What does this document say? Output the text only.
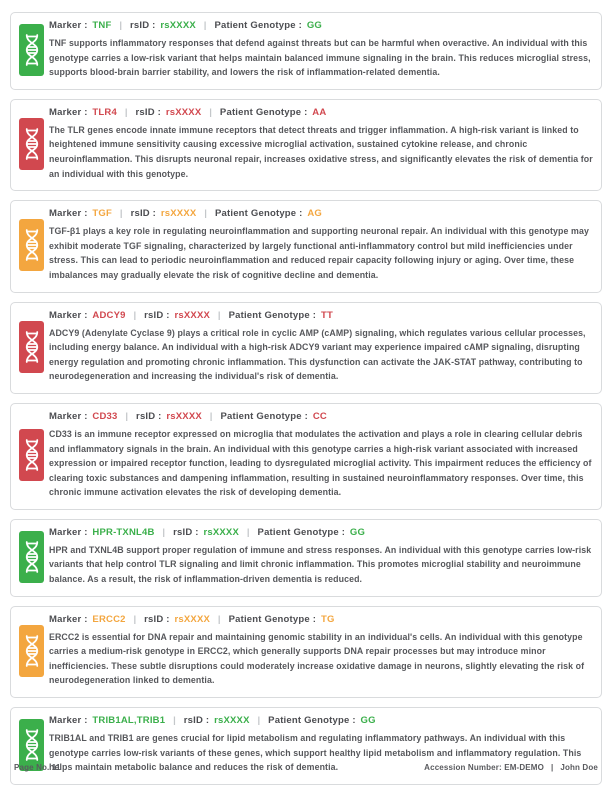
Marker : TNF | rsID : rsXXXX | Patient Genotype : GG

TNF supports inflammatory responses that defend against threats but can be harmful when overactive. An individual with this genotype carries a low-risk variant that helps maintain balanced immune signaling in the brain. This reduces microglial stress, supports blood-brain barrier stability, and lowers the risk of inflammation-related dementia.

Marker : TLR4 | rsID : rsXXXX | Patient Genotype : AA

The TLR genes encode innate immune receptors that detect threats and trigger inflammation. A high-risk variant is linked to heightened immune sensitivity causing excessive microglial activation, sustained cytokine release, and chronic neuroinflammation. This disrupts neuronal repair, increases oxidative stress, and significantly elevates the risk of dementia for an individual with this genotype.

Marker : TGF | rsID : rsXXXX | Patient Genotype : AG

TGF-β1 plays a key role in regulating neuroinflammation and supporting neuronal repair. An individual with this genotype may exhibit moderate TGF signaling, characterized by largely functional anti-inflammatory control but mild inefficiencies under stress. This can lead to periodic neuroinflammation and reduced repair capacity following injury or aging. Over time, these imbalances may gradually elevate the risk of cognitive decline and dementia.

Marker : ADCY9 | rsID : rsXXXX | Patient Genotype : TT

ADCY9 (Adenylate Cyclase 9) plays a critical role in cyclic AMP (cAMP) signaling, which regulates various cellular processes, including energy balance. An individual with a high-risk ADCY9 variant may experience impaired cAMP signaling, disrupting energy regulation and promoting chronic inflammation. This dysfunction can activate the JAK-STAT pathway, contributing to neurodegeneration and increasing the individual's risk of dementia.

Marker : CD33 | rsID : rsXXXX | Patient Genotype : CC

CD33 is an immune receptor expressed on microglia that modulates the activation and plays a role in clearing cellular debris and inflammatory signals in the brain. An individual with this genotype carries a high-risk variant associated with increased expression or impaired receptor function, leading to dysregulated microglial activity. This impairment reduces the efficiency of clearing toxic substances and dampening inflammation, resulting in sustained neuroinflammatory responses. Over time, this chronic immune activation elevates the risk of developing dementia.

Marker : HPR-TXNL4B | rsID : rsXXXX | Patient Genotype : GG

HPR and TXNL4B support proper regulation of immune and stress responses. An individual with this genotype carries low-risk variants that help control TLR signaling and limit chronic inflammation. This promotes microglial stability and neuroimmune balance. As a result, the risk of inflammation-driven dementia is reduced.

Marker : ERCC2 | rsID : rsXXXX | Patient Genotype : TG

ERCC2 is essential for DNA repair and maintaining genomic stability in an individual's cells. An individual with this genotype carries a medium-risk genotype in ERCC2, which generally supports DNA repair processes but may introduce minor inefficiencies. These subtle disruptions could moderately increase oxidative damage in neurons, slightly elevating the risk of neurodegeneration linked to dementia.

Marker : TRIB1AL,TRIB1 | rsID : rsXXXX | Patient Genotype : GG

TRIB1AL and TRIB1 are genes crucial for lipid metabolism and regulating inflammatory pathways. An individual with this genotype carries low-risk variants of these genes, which support healthy lipid metabolism and inflammatory regulation. This helps maintain metabolic balance and reduces the risk of dementia.

Page No. 11	Accession Number: EM-DEMO | John Doe
